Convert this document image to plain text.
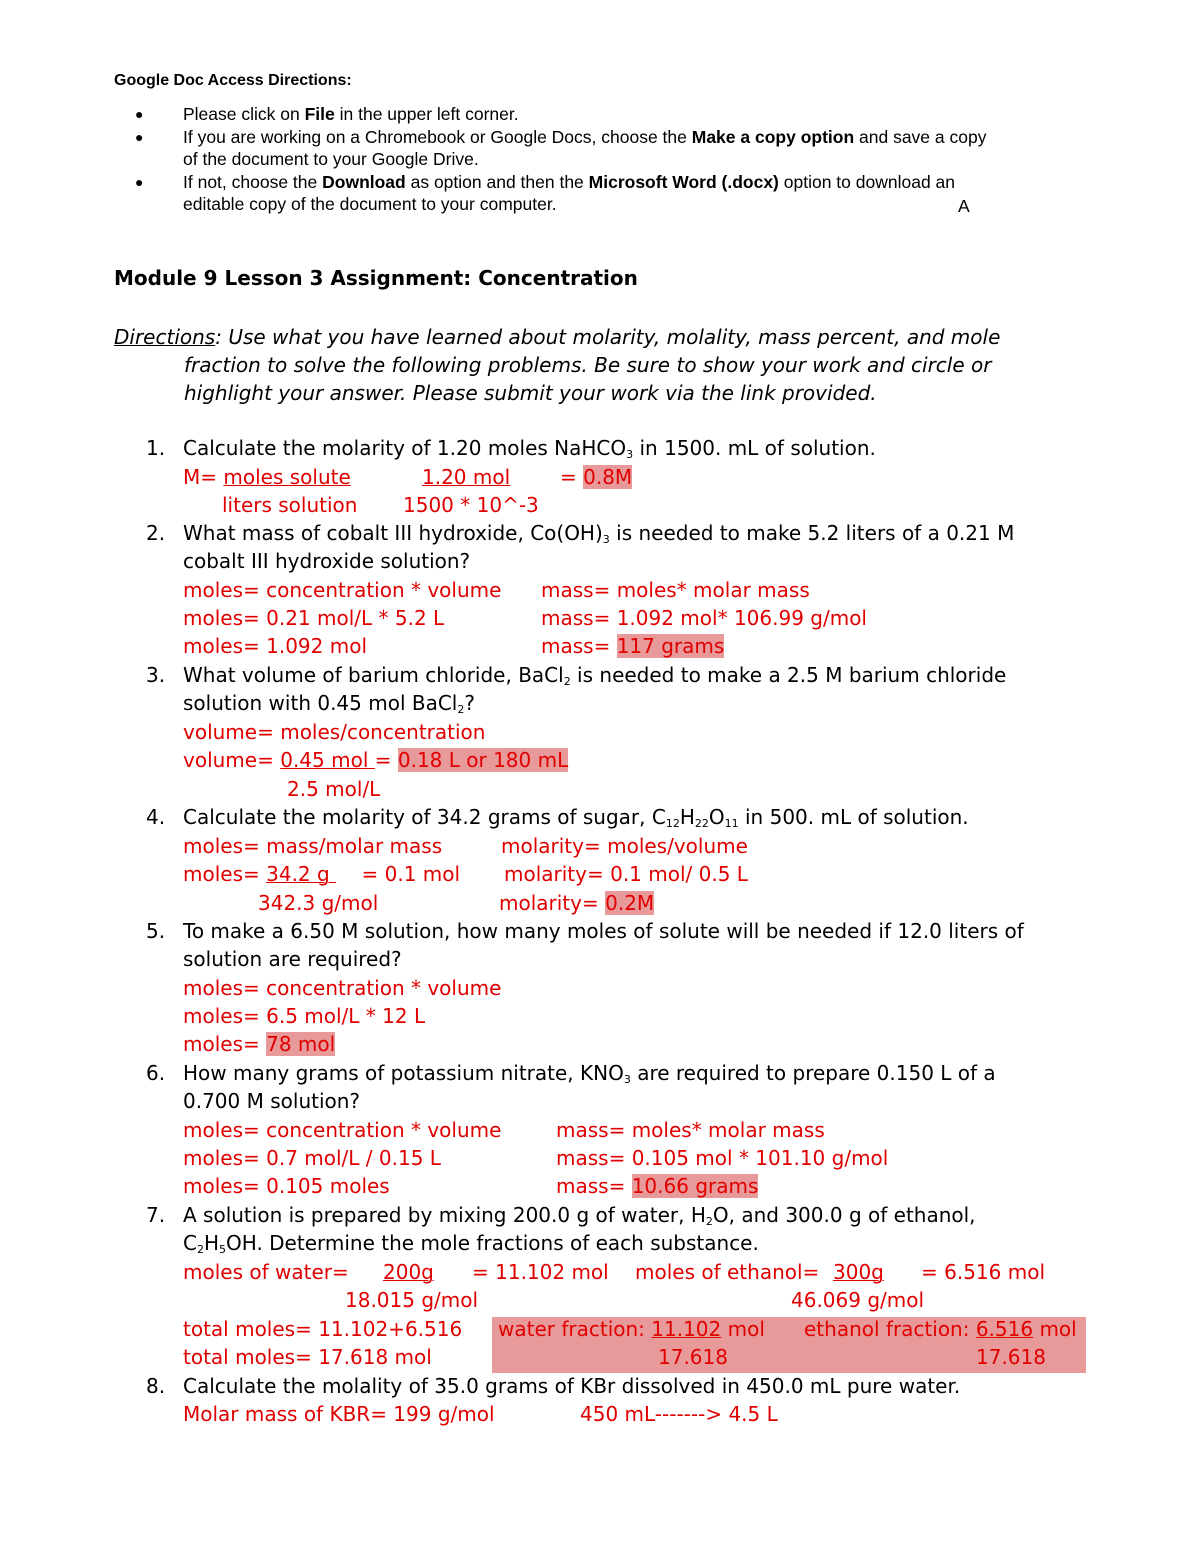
Google Doc Access Directions:
● Please click on File in the upper left corner.
● If you are working on a Chromebook or Google Docs, choose the Make a copy option and save a copy
of the document to your Google Drive.
● If not, choose the Download as option and then the Microsoft Word (.docx) option to download an
editable copy of the document to your computer.	A
Module 9 Lesson 3 Assignment: Concentration
Directions: Use what you have learned about molarity, molality, mass percent, and mole
fraction to solve the following problems. Be sure to show your work and circle or
highlight your answer. Please submit your work via the link provided.
1. Calculate the molarity of 1.20 moles NaHCO$_3$ in 1500. mL of solution.
M= moles solute	1.20 mol = 0.8M
liters solution 1500 * 10^-3
2. What mass of cobalt III hydroxide, $Co(OH)_3$ is needed to make 5.2 liters of a 0.21 M
cobalt III hydroxide solution?
moles= concentration * volume mass= moles* molar mass
moles= 0.21 mol/L * 5.2 L	mass= 1.092 mol* 106.99 g/mol
moles= 1.092 mol	mass= 117 grams
3. What volume of barium chloride, BaCl$_2$ is needed to make a 2.5 M barium chloride
solution with 0.45 mol BaCl$_2$?
volume= moles/concentration
volume= 0.45 mol = 0.18 L or 180 mL
2.5 mol/L
4. Calculate the molarity of 34.2 grams of sugar, $C_{12}H_{22}O_{11}$ in 500. mL of solution.
moles= mass/molar mass	molarity= moles/volume
moles= 34.2 g     = 0.1 mol molarity= 0.1 mol/ 0.5 L
342.3 g/mol	molarity= 0.2M
5. To make a 6.50 M solution, how many moles of solute will be needed if 12.0 liters of
solution are required?
moles= concentration * volume
moles= 6.5 mol/L * 12 L
moles= 78 mol
6. How many grams of potassium nitrate, $KNO_3$ are required to prepare 0.150 L of a
0.700 M solution?
moles= concentration * volume	mass= moles* molar mass
moles= 0.7 mol/L / 0.15 L	mass= 0.105 mol * 101.10 g/mol
moles= 0.105 moles	mass= 10.66 grams
7. A solution is prepared by mixing 200.0 g of water, $H_2O$, and 300.0 g of ethanol,
$C_2H_5OH$. Determine the mole fractions of each substance.
moles of water= 200g = 11.102 mol moles of ethanol= 300g = 6.516 mol
18.015 g/mol	46.069 g/mol
total moles= 11.102+6.516 water fraction: 11.102 mol ethanol fraction: 6.516 mol
total moles= 17.618 mol	17.618	17.618
8. Calculate the molality of 35.0 grams of KBr dissolved in 450.0 mL pure water.
Molar mass of KBR= 199 g/mol	450 mL-------> 4.5 L
